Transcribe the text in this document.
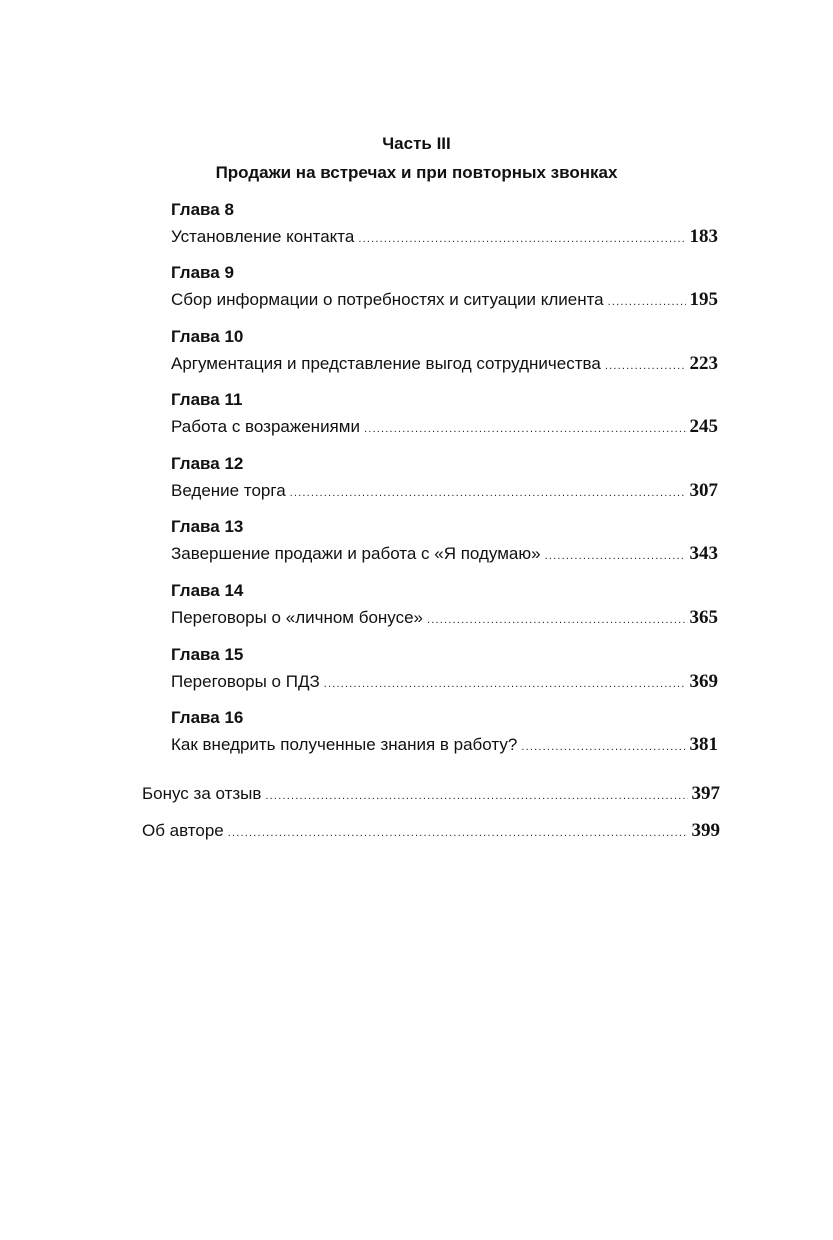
Часть III
Продажи на встречах и при повторных звонках
Глава 8
Установление контакта .....	183
Глава 9
Сбор информации о потребностях и ситуации клиента .....	195
Глава 10
Аргументация и представление выгод сотрудничества .....	223
Глава 11
Работа с возражениями .....	245
Глава 12
Ведение торга .....	307
Глава 13
Завершение продажи и работа с «Я подумаю» .....	343
Глава 14
Переговоры о «личном бонусе» .....	365
Глава 15
Переговоры о ПДЗ .....	369
Глава 16
Как внедрить полученные знания в работу? .....	381
Бонус за отзыв .....	397
Об авторе .....	399
